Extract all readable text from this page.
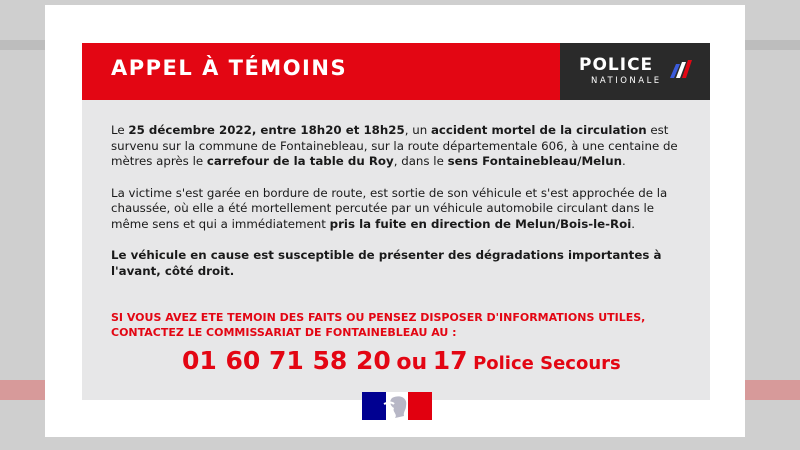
APPEL À TÉMOINS	POLICE
NATIONALE

Le 25 décembre 2022, entre 18h20 et 18h25, un accident mortel de la circulation est survenu sur la commune de Fontainebleau, sur la route départementale 606, à une centaine de mètres après le carrefour de la table du Roy, dans le sens Fontainebleau/Melun.

La victime s'est garée en bordure de route, est sortie de son véhicule et s'est approchée de la chaussée, où elle a été mortellement percutée par un véhicule automobile circulant dans le même sens et qui a immédiatement pris la fuite en direction de Melun/Bois-le-Roi.

Le véhicule en cause est susceptible de présenter des dégradations importantes à l'avant, côté droit.

SI VOUS AVEZ ETE TEMOIN DES FAITS OU PENSEZ DISPOSER D'INFORMATIONS UTILES,
CONTACTEZ LE COMMISSARIAT DE FONTAINEBLEAU AU :
01 60 71 58 20 ou 17 Police Secours
